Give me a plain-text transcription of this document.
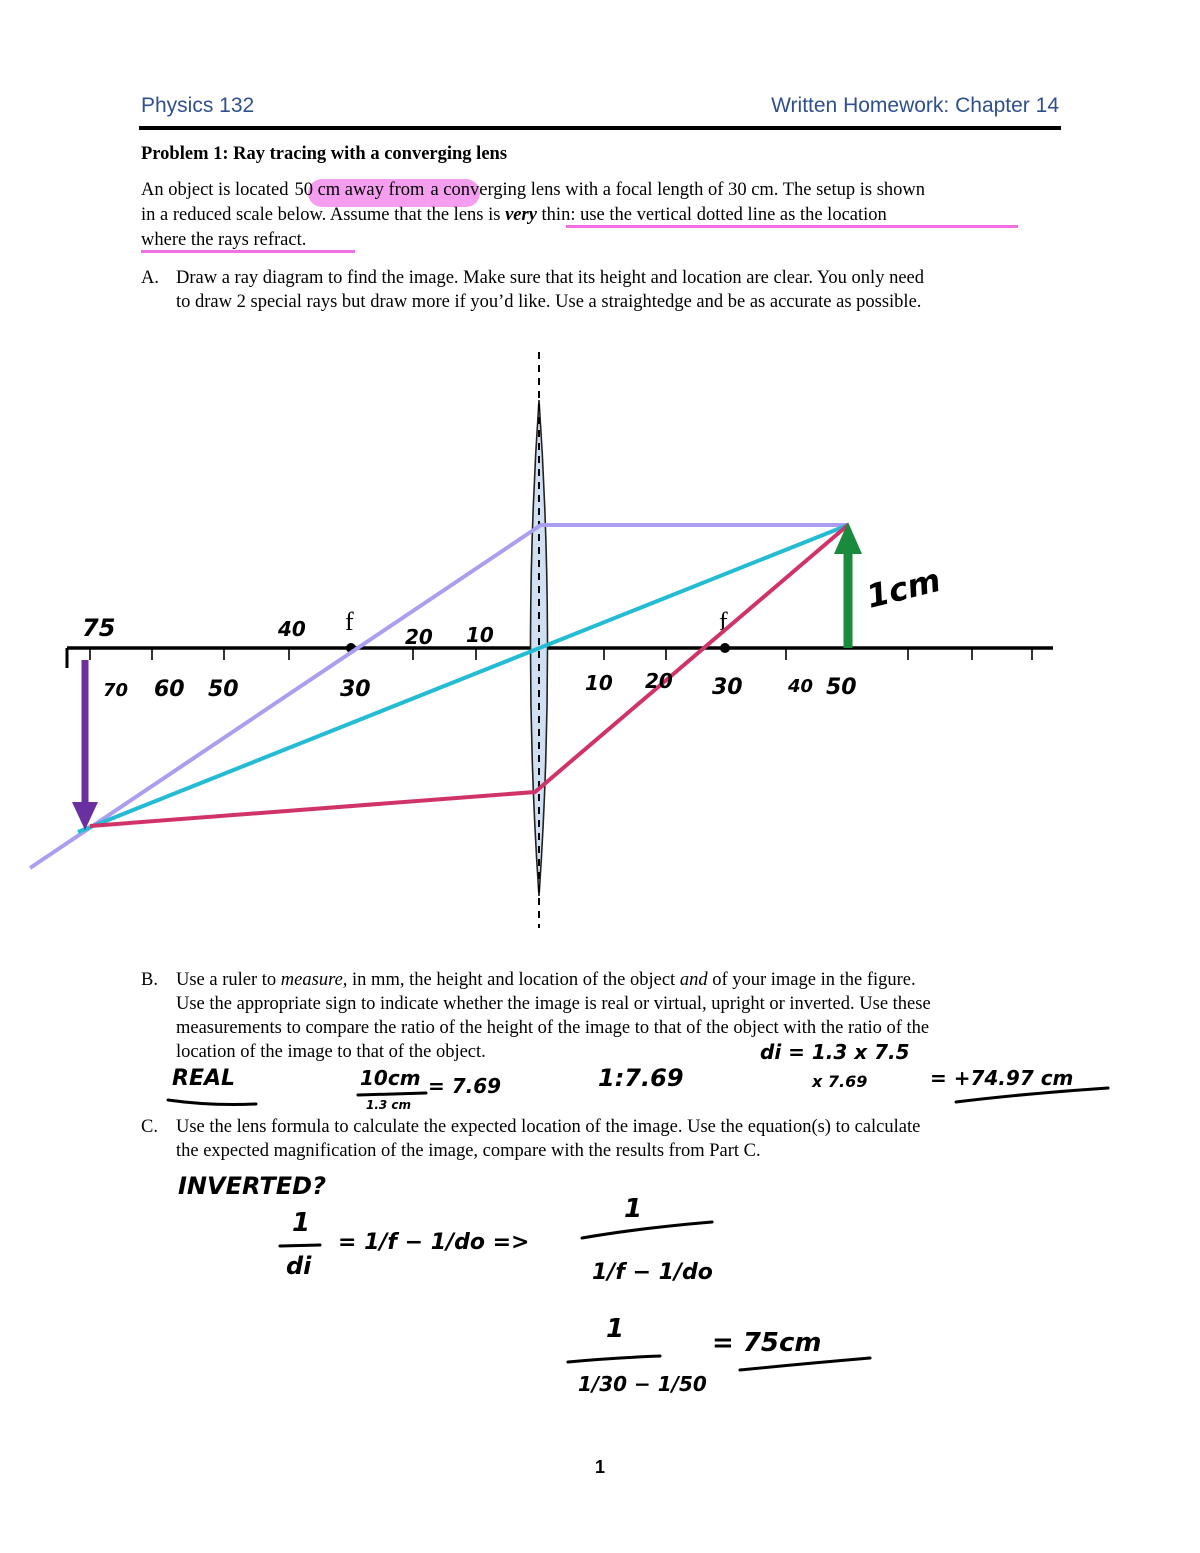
Physics 132	Written Homework: Chapter 14
Problem 1: Ray tracing with a converging lens
An object is located 50 cm away from a converging lens with a focal length of 30 cm. The setup is shown
in a reduced scale below. Assume that the lens is very thin: use the vertical dotted line as the location
where the rays refract.
A. Draw a ray diagram to find the image. Make sure that its height and location are clear. You only need
to draw 2 special rays but draw more if you’d like. Use a straightedge and be as accurate as possible.
f	f
75	40	20 10
70 60 50	30	10 20 30	40 50
1cm
B. Use a ruler to measure, in mm, the height and location of the object and of your image in the figure.
Use the appropriate sign to indicate whether the image is real or virtual, upright or inverted. Use these
measurements to compare the ratio of the height of the image to that of the object with the ratio of the
location of the image to that of the object.
REAL	10cm
1.3 cm
= 7.69	1:7.69
di = 1.3 x 7.5
x 7.69	= +74.97 cm
C. Use the lens formula to calculate the expected location of the image. Use the equation(s) to calculate
the expected magnification of the image, compare with the results from Part C.
INVERTED?
1
di
= 1/f − 1/do =>
1
1/f − 1/do
1
1/30 − 1/50
= 75cm
1
